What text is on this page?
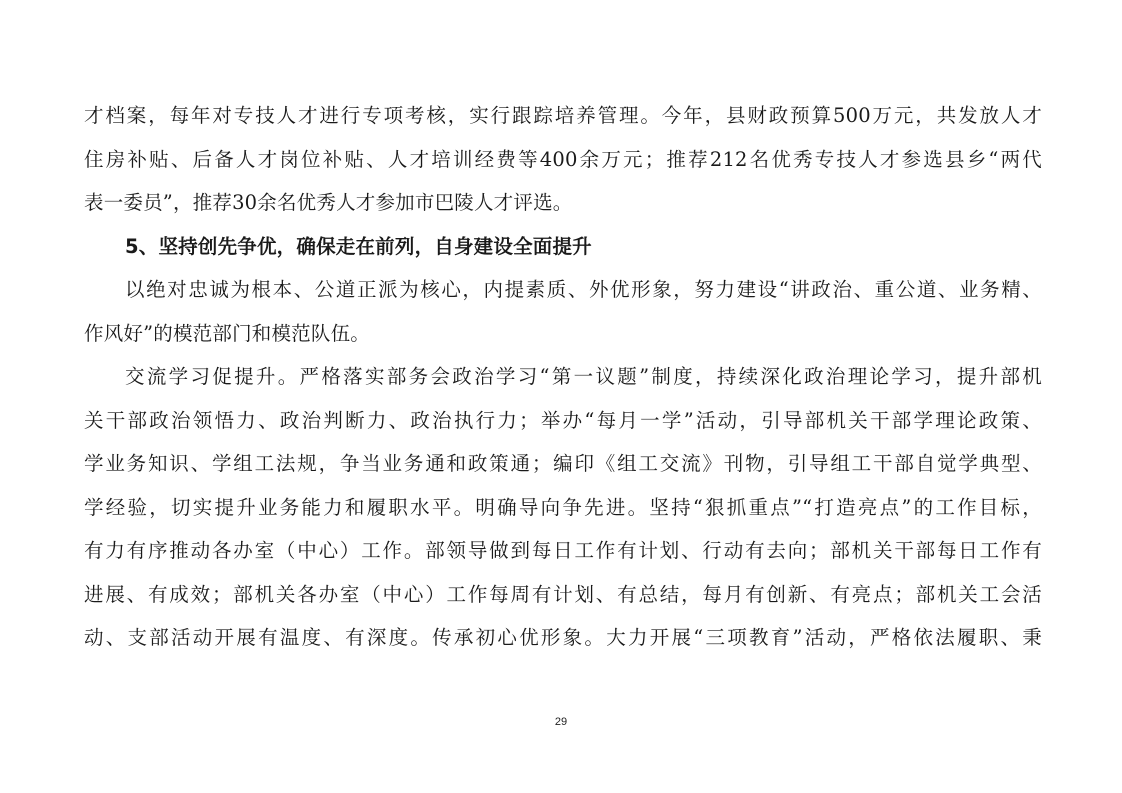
才档案，每年对专技人才进行专项考核，实行跟踪培养管理。今年，县财政预算500万元，共发放人才
住房补贴、后备人才岗位补贴、人才培训经费等400余万元；推荐212名优秀专技人才参选县乡“两代
表一委员”，推荐30余名优秀人才参加市巴陵人才评选。
5、坚持创先争优，确保走在前列，自身建设全面提升
以绝对忠诚为根本、公道正派为核心，内提素质、外优形象，努力建设“讲政治、重公道、业务精、
作风好”的模范部门和模范队伍。
交流学习促提升。严格落实部务会政治学习“第一议题”制度，持续深化政治理论学习，提升部机
关干部政治领悟力、政治判断力、政治执行力；举办“每月一学”活动，引导部机关干部学理论政策、
学业务知识、学组工法规，争当业务通和政策通；编印《组工交流》刊物，引导组工干部自觉学典型、
学经验，切实提升业务能力和履职水平。明确导向争先进。坚持“狠抓重点”“打造亮点”的工作目标，
有力有序推动各办室（中心）工作。部领导做到每日工作有计划、行动有去向；部机关干部每日工作有
进展、有成效；部机关各办室（中心）工作每周有计划、有总结，每月有创新、有亮点；部机关工会活
动、支部活动开展有温度、有深度。传承初心优形象。大力开展“三项教育”活动，严格依法履职、秉
29
